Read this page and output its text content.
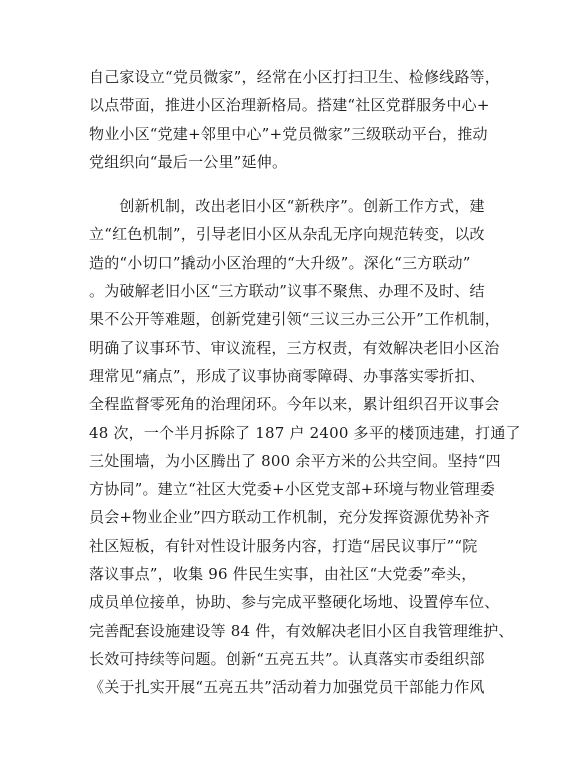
自己家设立“党员微家”，经常在小区打扫卫生、检修线路等，
以点带面，推进小区治理新格局。搭建“社区党群服务中心+
物业小区“党建+邻里中心”+党员微家”三级联动平台，推动
党组织向“最后一公里”延伸。
　　创新机制，改出老旧小区“新秩序”。创新工作方式，建
立“红色机制”，引导老旧小区从杂乱无序向规范转变，以改
造的“小切口”撬动小区治理的“大升级”。深化“三方联动”
。为破解老旧小区“三方联动”议事不聚焦、办理不及时、结
果不公开等难题，创新党建引领“三议三办三公开”工作机制，
明确了议事环节、审议流程，三方权责，有效解决老旧小区治
理常见“痛点”，形成了议事协商零障碍、办事落实零折扣、
全程监督零死角的治理闭环。今年以来，累计组织召开议事会
48 次，一个半月拆除了 187 户 2400 多平的楼顶违建，打通了
三处围墙，为小区腾出了 800 余平方米的公共空间。坚持“四
方协同”。建立“社区大党委+小区党支部+环境与物业管理委
员会+物业企业”四方联动工作机制，充分发挥资源优势补齐
社区短板，有针对性设计服务内容，打造“居民议事厅”“院
落议事点”，收集 96 件民生实事，由社区“大党委”牵头，
成员单位接单，协助、参与完成平整硬化场地、设置停车位、
完善配套设施建设等 84 件，有效解决老旧小区自我管理维护、
长效可持续等问题。创新“五亮五共”。认真落实市委组织部
《关于扎实开展“五亮五共”活动着力加强党员干部能力作风
